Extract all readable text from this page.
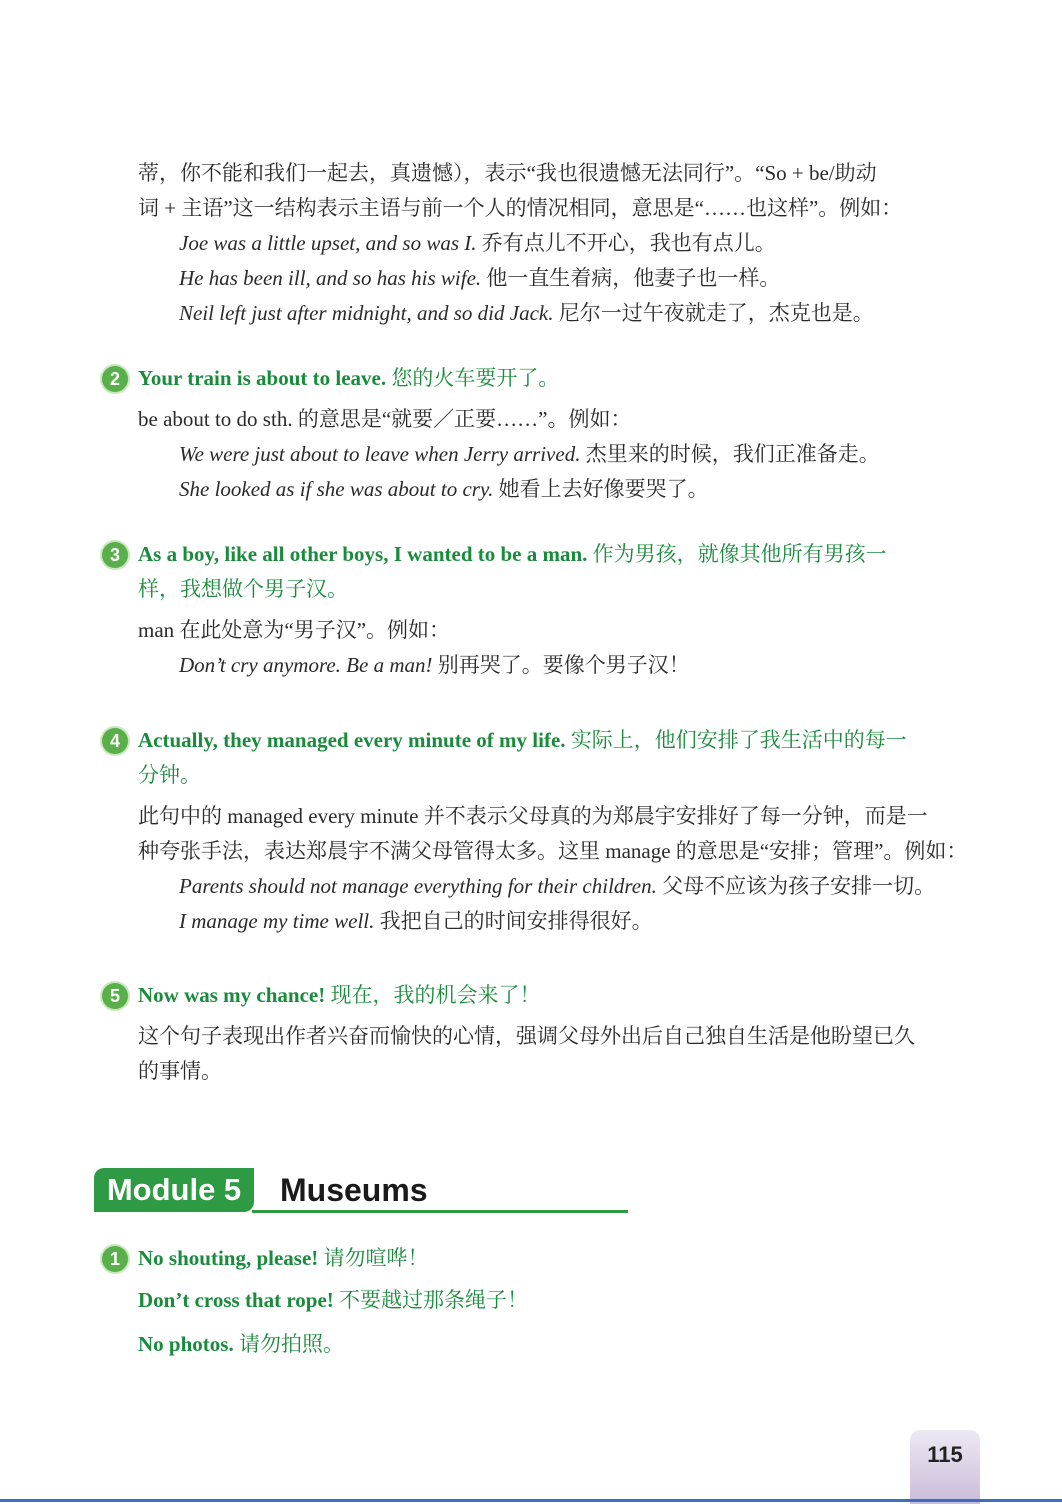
蒂，你不能和我们一起去，真遗憾），表示“我也很遗憾无法同行”。“So + be/助动

词 + 主语”这一结构表示主语与前一个人的情况相同，意思是“……也这样”。例如：

Joe was a little upset, and so was I. 乔有点儿不开心，我也有点儿。

He has been ill, and so has his wife. 他一直生着病，他妻子也一样。

Neil left just after midnight, and so did Jack. 尼尔一过午夜就走了，杰克也是。

2 Your train is about to leave. 您的火车要开了。

be about to do sth. 的意思是“就要／正要……”。例如：

We were just about to leave when Jerry arrived. 杰里来的时候，我们正准备走。

She looked as if she was about to cry. 她看上去好像要哭了。

3 As a boy, like all other boys, I wanted to be a man. 作为男孩，就像其他所有男孩一

样，我想做个男子汉。

man 在此处意为“男子汉”。例如：

Don’t cry anymore. Be a man! 别再哭了。要像个男子汉！

4 Actually, they managed every minute of my life. 实际上，他们安排了我生活中的每一

分钟。

此句中的 managed every minute 并不表示父母真的为郑晨宇安排好了每一分钟，而是一

种夸张手法，表达郑晨宇不满父母管得太多。这里 manage 的意思是“安排；管理”。例如：

Parents should not manage everything for their children. 父母不应该为孩子安排一切。

I manage my time well. 我把自己的时间安排得很好。

5 Now was my chance! 现在，我的机会来了！

这个句子表现出作者兴奋而愉快的心情，强调父母外出后自己独自生活是他盼望已久

的事情。

Module 5	Museums
1 No shouting, please! 请勿喧哗！

Don’t cross that rope! 不要越过那条绳子！

No photos. 请勿拍照。

115
